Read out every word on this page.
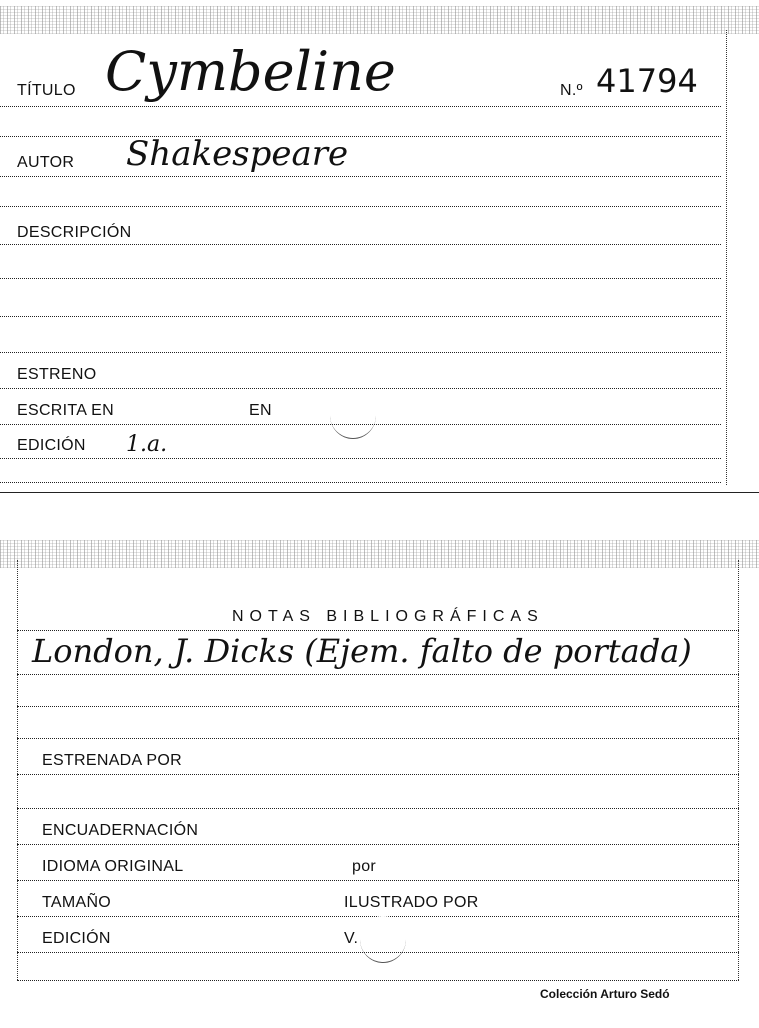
TÍTULO Cymbeline	N.º 41794
AUTOR Shakespeare
DESCRIPCIÓN
ESTRENO
ESCRITA EN	EN
EDICIÓN 1.a.
NOTAS BIBLIOGRÁFICAS
London, J. Dicks (Ejem. falto de portada)
ESTRENADA POR
ENCUADERNACIÓN
IDIOMA ORIGINAL	por
TAMAÑO	ILUSTRADO POR
EDICIÓN	V.
Colección Arturo Sedó
